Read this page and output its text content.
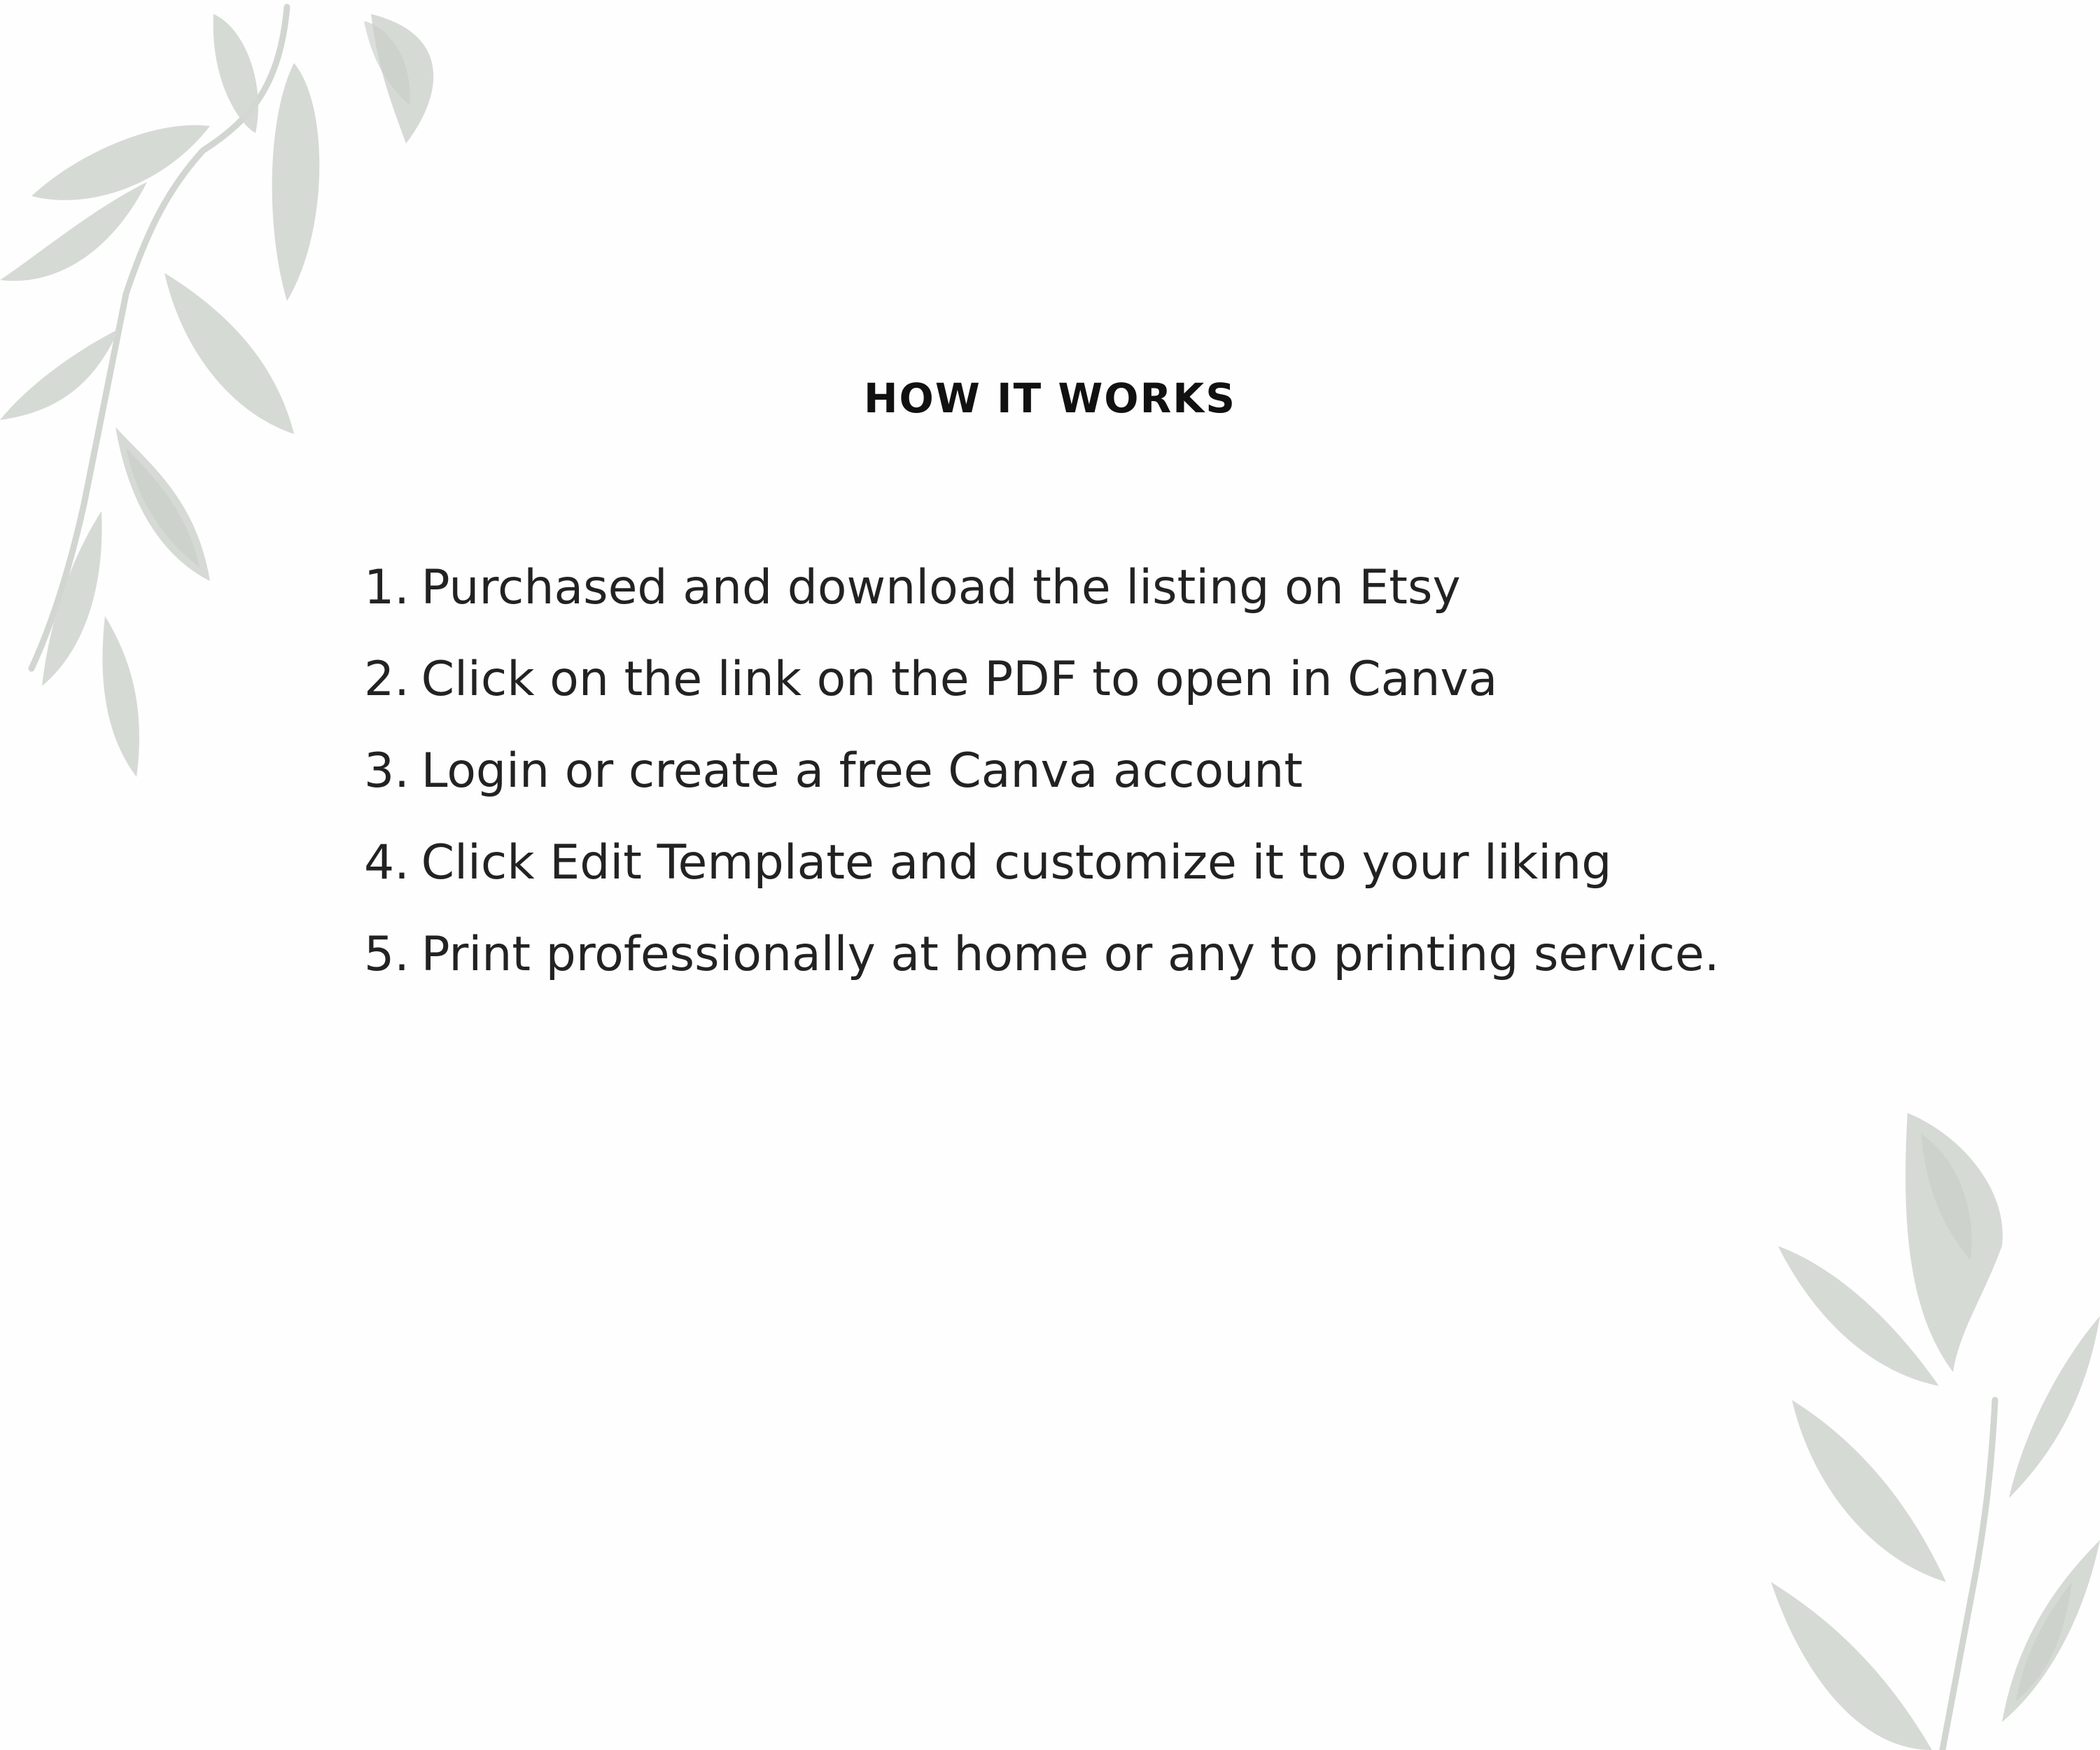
HOW IT WORKS
1. Purchased and download the listing on Etsy
2. Click on the link on the PDF to open in Canva
3. Login or create a free Canva account
4. Click Edit Template and customize it to your liking
5. Print professionally at home or any to printing service.
